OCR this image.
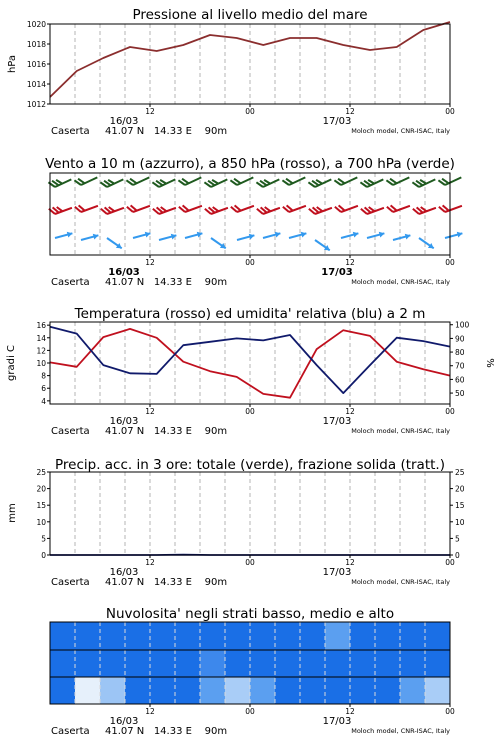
Pressione al livello medio del mare
hPa
1012
1014
1016
1018
1020
12	00	12	00
16/03	17/03
Caserta 41.07 N   14.33 E    90m	Moloch model, CNR-ISAC, Italy
Vento a 10 m (azzurro), a 850 hPa (rosso), a 700 hPa (verde)
12	00	12	00
16/03	17/03
Caserta 41.07 N   14.33 E    90m	Moloch model, CNR-ISAC, Italy
Temperatura (rosso) ed umidita' relativa (blu) a 2 m
gradi C	%
4
6
8
10
12
14
16
50
60
70
80
90
100
12	00	12	00
16/03	17/03
Caserta 41.07 N   14.33 E    90m	Moloch model, CNR-ISAC, Italy
Precip. acc. in 3 ore: totale (verde), frazione solida (tratt.)
mm
0
5
10
15
20
25
0
5
10
15
20
25
12	00	12	00
16/03	17/03
Caserta 41.07 N   14.33 E    90m	Moloch model, CNR-ISAC, Italy
Nuvolosita' negli strati basso, medio e alto
12	00	12	00
16/03	17/03
Caserta 41.07 N   14.33 E    90m	Moloch model, CNR-ISAC, Italy
